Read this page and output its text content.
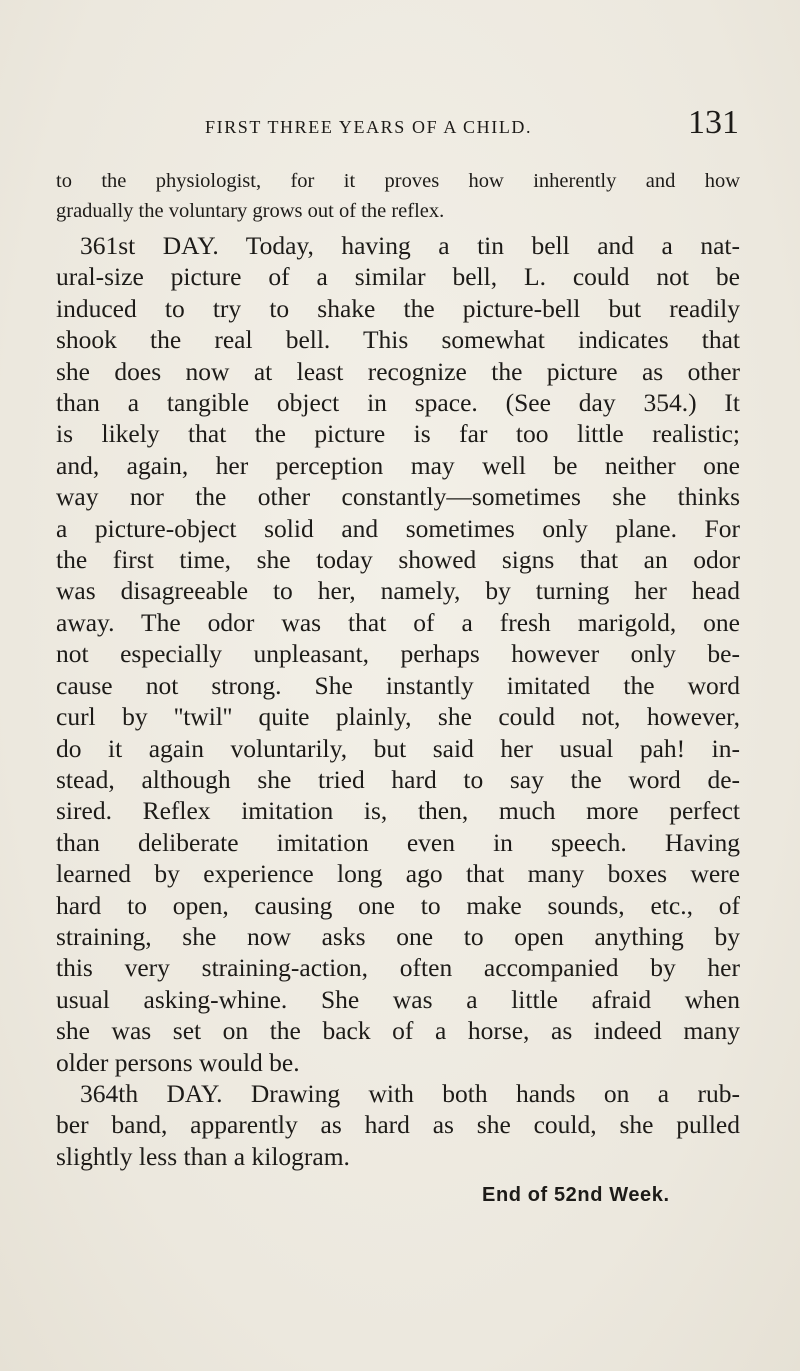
FIRST THREE YEARS OF A CHILD.	131
to the physiologist, for it proves how inherently and how
gradually the voluntary grows out of the reflex.
361st DAY. Today, having a tin bell and a nat-
ural-size picture of a similar bell, L. could not be
induced to try to shake the picture-bell but readily
shook the real bell. This somewhat indicates that
she does now at least recognize the picture as other
than a tangible object in space. (See day 354.) It
is likely that the picture is far too little realistic;
and, again, her perception may well be neither one
way nor the other constantly—sometimes she thinks
a picture-object solid and sometimes only plane. For
the first time, she today showed signs that an odor
was disagreeable to her, namely, by turning her head
away. The odor was that of a fresh marigold, one
not especially unpleasant, perhaps however only be-
cause not strong. She instantly imitated the word
curl by ''twil'' quite plainly, she could not, however,
do it again voluntarily, but said her usual pah! in-
stead, although she tried hard to say the word de-
sired. Reflex imitation is, then, much more perfect
than deliberate imitation even in speech. Having
learned by experience long ago that many boxes were
hard to open, causing one to make sounds, etc., of
straining, she now asks one to open anything by
this very straining-action, often accompanied by her
usual asking-whine. She was a little afraid when
she was set on the back of a horse, as indeed many
older persons would be.
364th DAY. Drawing with both hands on a rub-
ber band, apparently as hard as she could, she pulled
slightly less than a kilogram.
End of 52nd Week.
